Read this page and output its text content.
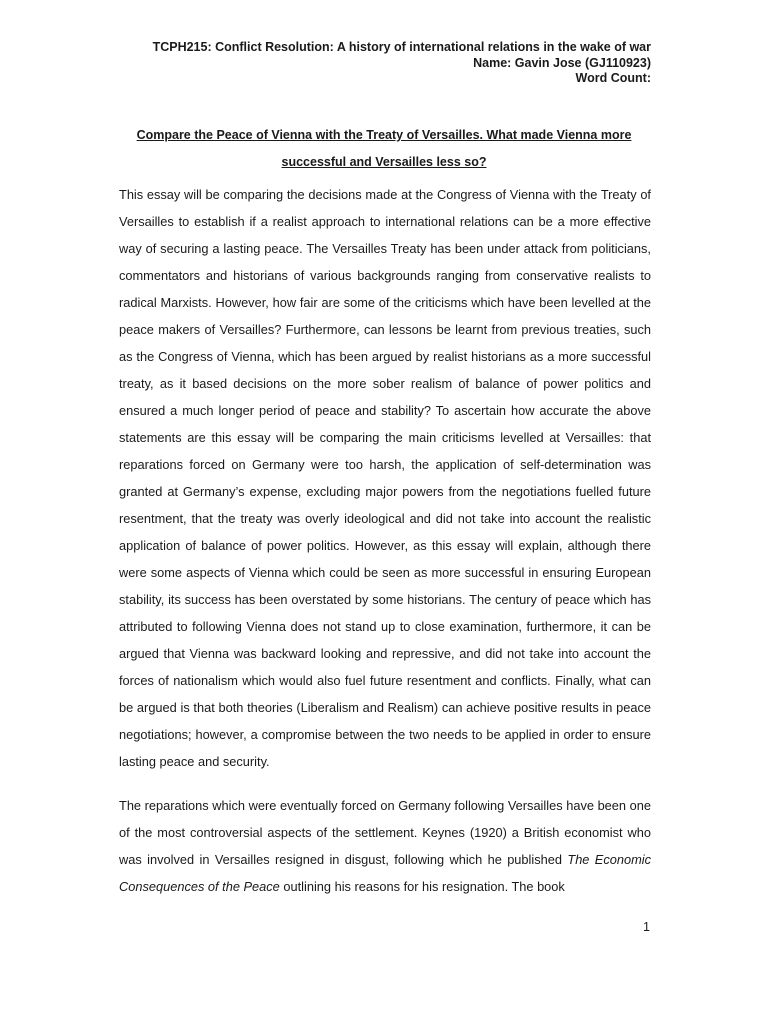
TCPH215: Conflict Resolution: A history of international relations in the wake of war
Name: Gavin Jose (GJ110923)
Word Count:
Compare the Peace of Vienna with the Treaty of Versailles. What made Vienna more successful and Versailles less so?

This essay will be comparing the decisions made at the Congress of Vienna with the Treaty of Versailles to establish if a realist approach to international relations can be a more effective way of securing a lasting peace. The Versailles Treaty has been under attack from politicians, commentators and historians of various backgrounds ranging from conservative realists to radical Marxists. However, how fair are some of the criticisms which have been levelled at the peace makers of Versailles? Furthermore, can lessons be learnt from previous treaties, such as the Congress of Vienna, which has been argued by realist historians as a more successful treaty, as it based decisions on the more sober realism of balance of power politics and ensured a much longer period of peace and stability? To ascertain how accurate the above statements are this essay will be comparing the main criticisms levelled at Versailles: that reparations forced on Germany were too harsh, the application of self-determination was granted at Germany’s expense, excluding major powers from the negotiations fuelled future resentment, that the treaty was overly ideological and did not take into account the realistic application of balance of power politics. However, as this essay will explain, although there were some aspects of Vienna which could be seen as more successful in ensuring European stability, its success has been overstated by some historians. The century of peace which has attributed to following Vienna does not stand up to close examination, furthermore, it can be argued that Vienna was backward looking and repressive, and did not take into account the forces of nationalism which would also fuel future resentment and conflicts. Finally, what can be argued is that both theories (Liberalism and Realism) can achieve positive results in peace negotiations; however, a compromise between the two needs to be applied in order to ensure lasting peace and security.

The reparations which were eventually forced on Germany following Versailles have been one of the most controversial aspects of the settlement. Keynes (1920) a British economist who was involved in Versailles resigned in disgust, following which he published The Economic Consequences of the Peace outlining his reasons for his resignation. The book

1
